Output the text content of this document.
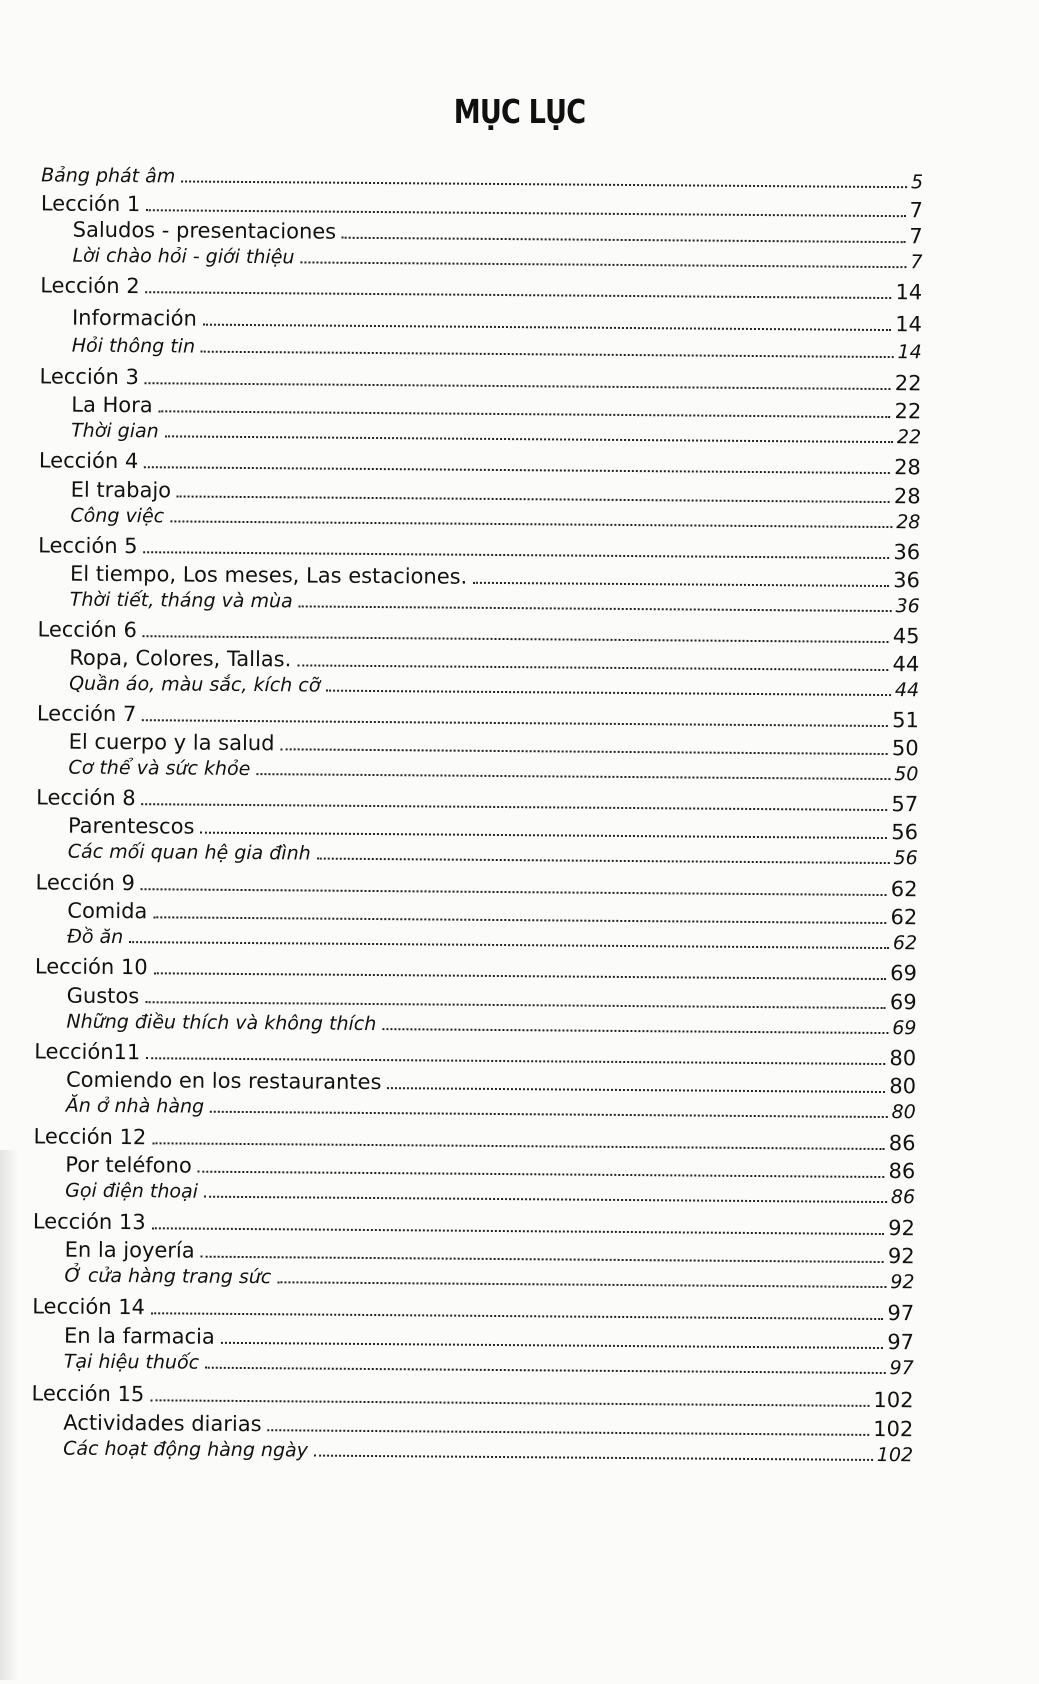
MỤC LỤC
Bảng phát âm	5
Lección 1	7
Saludos - presentaciones	7
Lời chào hỏi - giới thiệu	7
Lección 2	14
Información	14
Hỏi thông tin	14
Lección 3	22
La Hora	22
Thời gian	22
Lección 4	28
El trabajo	28
Công việc	28
Lección 5	36
El tiempo, Los meses, Las estaciones.	36
Thời tiết, tháng và mùa	36
Lección 6	45
Ropa, Colores, Tallas.	44
Quần áo, màu sắc, kích cỡ	44
Lección 7	51
El cuerpo y la salud	50
Cơ thể và sức khỏe	50
Lección 8	57
Parentescos	56
Các mối quan hệ gia đình	56
Lección 9	62
Comida	62
Đồ ăn	62
Lección 10	69
Gustos	69
Những điều thích và không thích	69
Lección11	80
Comiendo en los restaurantes	80
Ăn ở nhà hàng	80
Lección 12	86
Por teléfono	86
Gọi điện thoại	86
Lección 13	92
En la joyería	92
Ở cửa hàng trang sức	92
Lección 14	97
En la farmacia	97
Tại hiệu thuốc	97
Lección 15	102
Actividades diarias	102
Các hoạt động hàng ngày	102
